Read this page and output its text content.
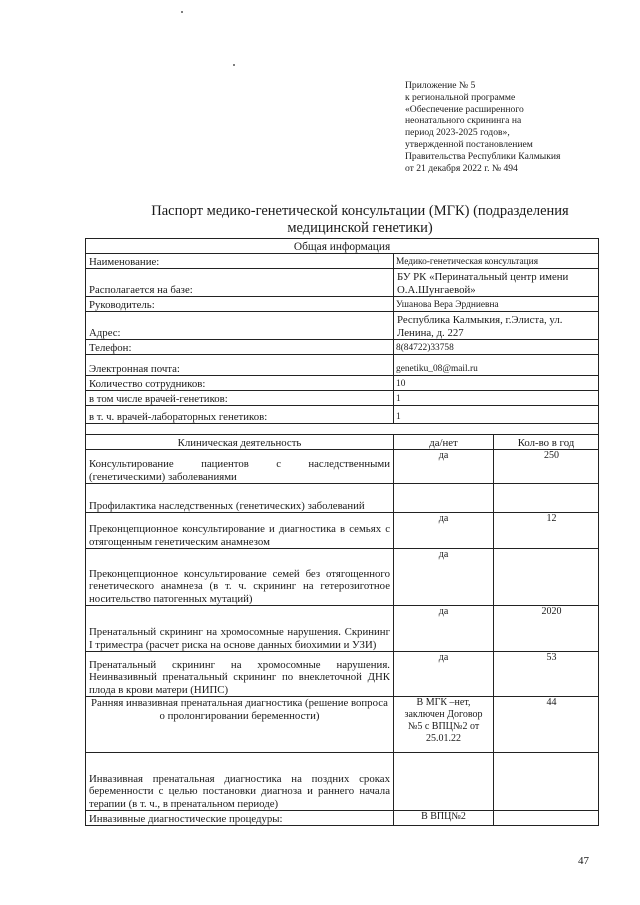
Приложение № 5
к региональной программе
«Обеспечение расширенного
неонатального скрининга на
период 2023-2025 годов»,
утвержденной постановлением
Правительства Республики Калмыкия
от 21 декабря 2022 г. № 494
Паспорт медико-генетической консультации (МГК) (подразделения медицинской генетики)
Общая информация		
Наименование:	Медико-генетическая консультация	
Располагается на базе:	БУ РК «Перинатальный центр имени О.А.Шунгаевой»	
Руководитель:	Ушанова Вера Эрдниевна	
Адрес:	Республика Калмыкия, г.Элиста, ул. Ленина, д. 227	
Телефон:	8(84722)33758	
Электронная почта:	genetiku_08@mail.ru	
Количество сотрудников:	10	
в том числе врачей-генетиков:	1	
в т. ч. врачей-лабораторных генетиков:	1	

Клиническая деятельность	да/нет	Кол-во в год
Консультирование пациентов с наследственными (генетическими) заболеваниями	да	250
Профилактика наследственных (генетических) заболеваний		
Преконцепционное консультирование и диагностика в семьях с отягощенным генетическим анамнезом	да	12
Преконцепционное консультирование семей без отягощенного генетического анамнеза (в т. ч. скрининг на гетерозиготное носительство патогенных мутаций)	да	
Пренатальный скрининг на хромосомные нарушения. Скрининг I триместра (расчет риска на основе данных биохимии и УЗИ)	да	2020
Пренатальный скрининг на хромосомные нарушения. Неинвазивный пренатальный скрининг по внеклеточной ДНК плода в крови матери (НИПС)	да	53
Ранняя инвазивная пренатальная диагностика (решение вопроса о пролонгировании беременности)	В МГК –нет, заключен Договор №5 с ВПЦ№2 от 25.01.22	44
Инвазивная пренатальная диагностика на поздних сроках беременности с целью постановки диагноза и раннего начала терапии (в т. ч., в пренатальном периоде)		
Инвазивные диагностические процедуры:	В ВПЦ№2	
47
